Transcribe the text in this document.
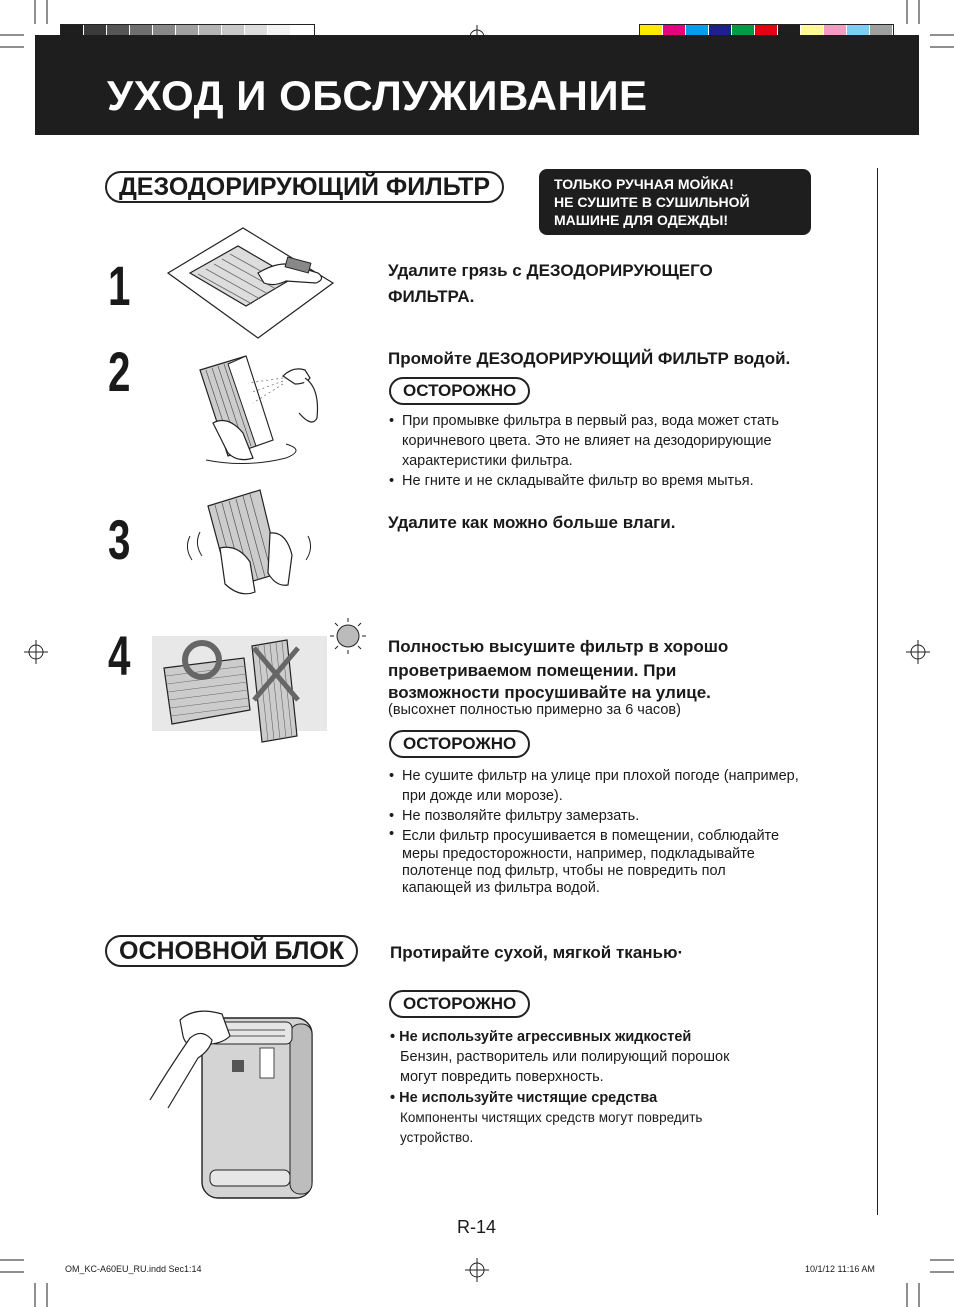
УХОД И ОБСЛУЖИВАНИЕ
ДЕЗОДОРИРУЮЩИЙ ФИЛЬТР	ТОЛЬКО РУЧНАЯ МОЙКА!
НЕ СУШИТЕ В СУШИЛЬНОЙ
МАШИНЕ ДЛЯ ОДЕЖДЫ!
1
2
3
4
Удалите грязь с ДЕЗОДОРИРУЮЩЕГО
ФИЛЬТРА.
Промойте ДЕЗОДОРИРУЮЩИЙ ФИЛЬТР водой.
ОСТОРОЖНО
• При промывке фильтра в первый раз, вода может стать
коричневого цвета. Это не влияет на дезодорирующие
характеристики фильтра.
• Не гните и не складывайте фильтр во время мытья.
Удалите как можно больше влаги.
Полностью высушите фильтр в хорошо
проветриваемом помещении. При
возможности просушивайте на улице.
(высохнет полностью примерно за 6 часов)
ОСТОРОЖНО
• Не сушите фильтр на улице при плохой погоде (например,
при дожде или морозе).
• Не позволяйте фильтру замерзать.
• Если фильтр просушивается в помещении, соблюдайте
меры предосторожности, например, подкладывайте
полотенце под фильтр, чтобы не повредить пол
капающей из фильтра водой.
ОСНОВНОЙ БЛОК	Протирайте сухой, мягкой тканью·
ОСТОРОЖНО
• Не используйте агрессивных жидкостей
Бензин, растворитель или полирующий порошок
могут повредить поверхность.
• Не используйте чистящие средства
Компоненты чистящих средств могут повредить
устройство.
R-14
OM_KC-A60EU_RU.indd Sec1:14	10/1/12 11:16 AM
